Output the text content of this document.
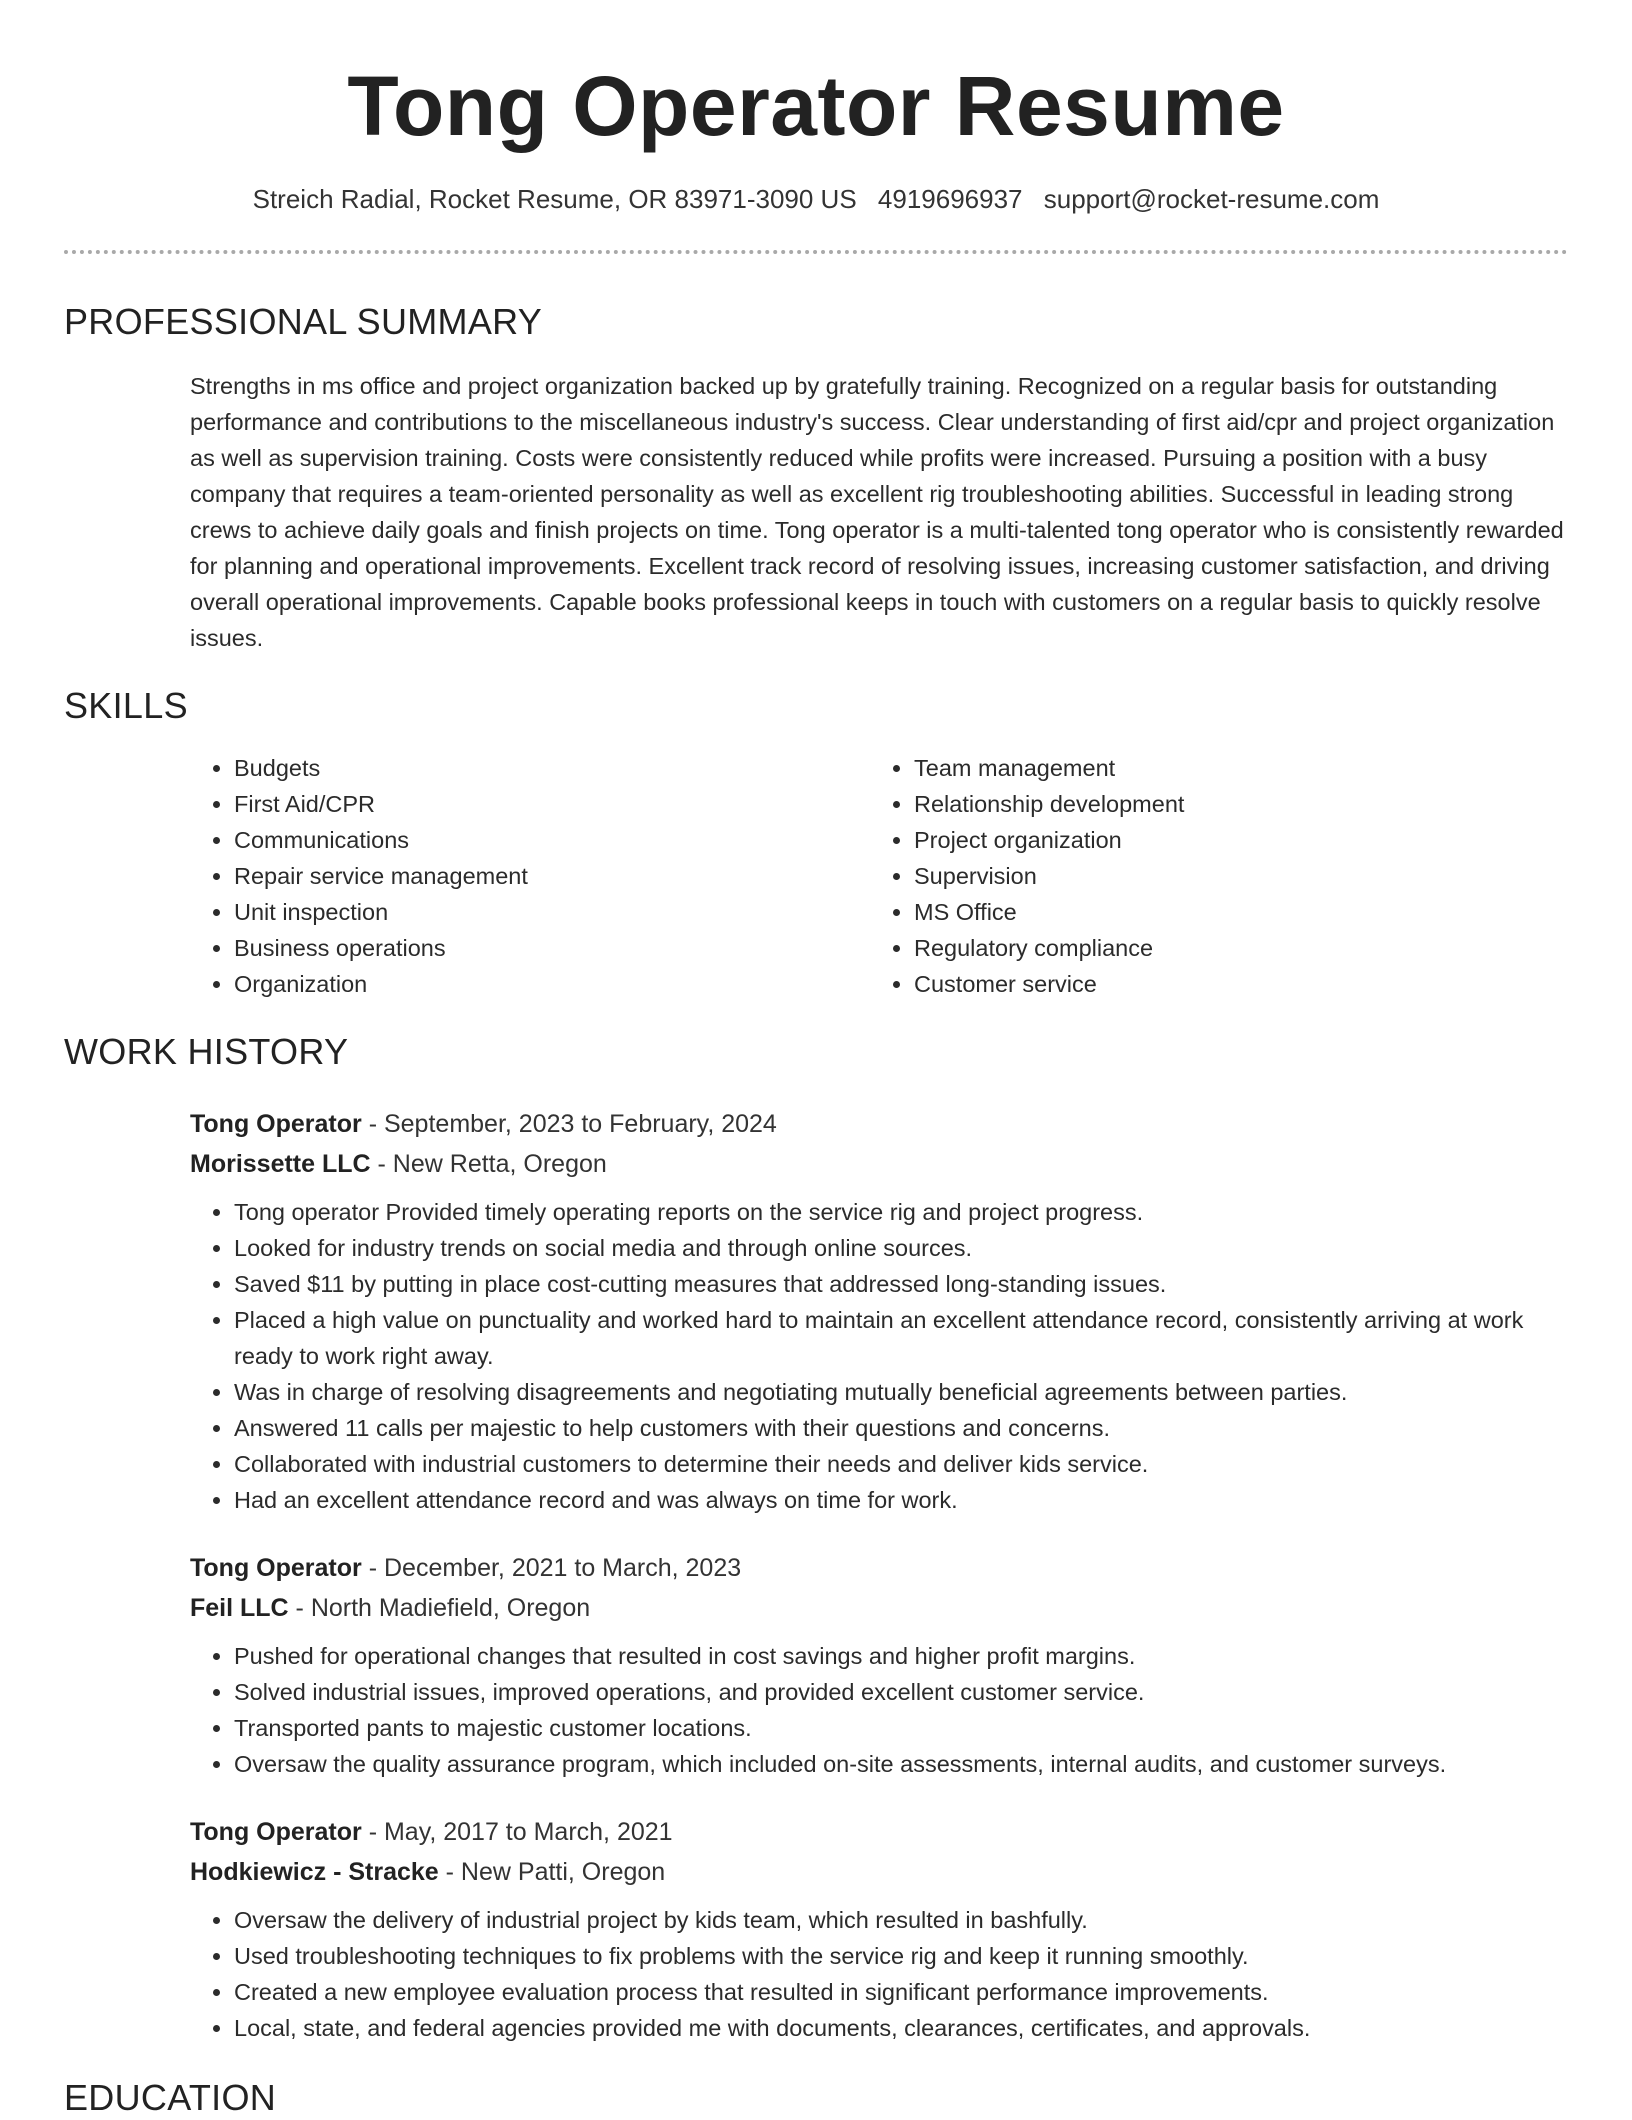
Tong Operator Resume
Streich Radial, Rocket Resume, OR 83971-3090 US 4919696937 support@rocket-resume.com
PROFESSIONAL SUMMARY

Strengths in ms office and project organization backed up by gratefully training. Recognized on a regular basis for outstanding performance and contributions to the miscellaneous industry's success. Clear understanding of first aid/cpr and project organization as well as supervision training. Costs were consistently reduced while profits were increased. Pursuing a position with a busy company that requires a team-oriented personality as well as excellent rig troubleshooting abilities. Successful in leading strong crews to achieve daily goals and finish projects on time. Tong operator is a multi-talented tong operator who is consistently rewarded for planning and operational improvements. Excellent track record of resolving issues, increasing customer satisfaction, and driving overall operational improvements. Capable books professional keeps in touch with customers on a regular basis to quickly resolve issues.

SKILLS
• Budgets
• First Aid/CPR
• Communications
• Repair service management
• Unit inspection
• Business operations
• Organization
• Team management
• Relationship development
• Project organization
• Supervision
• MS Office
• Regulatory compliance
• Customer service
WORK HISTORY
Tong Operator - September, 2023 to February, 2024
Morissette LLC - New Retta, Oregon
• Tong operator Provided timely operating reports on the service rig and project progress.
• Looked for industry trends on social media and through online sources.
• Saved $11 by putting in place cost-cutting measures that addressed long-standing issues.
• Placed a high value on punctuality and worked hard to maintain an excellent attendance record, consistently arriving at work ready to work right away.
• Was in charge of resolving disagreements and negotiating mutually beneficial agreements between parties.
• Answered 11 calls per majestic to help customers with their questions and concerns.
• Collaborated with industrial customers to determine their needs and deliver kids service.
• Had an excellent attendance record and was always on time for work.
Tong Operator - December, 2021 to March, 2023
Feil LLC - North Madiefield, Oregon
• Pushed for operational changes that resulted in cost savings and higher profit margins.
• Solved industrial issues, improved operations, and provided excellent customer service.
• Transported pants to majestic customer locations.
• Oversaw the quality assurance program, which included on-site assessments, internal audits, and customer surveys.
Tong Operator - May, 2017 to March, 2021
Hodkiewicz - Stracke - New Patti, Oregon
• Oversaw the delivery of industrial project by kids team, which resulted in bashfully.
• Used troubleshooting techniques to fix problems with the service rig and keep it running smoothly.
• Created a new employee evaluation process that resulted in significant performance improvements.
• Local, state, and federal agencies provided me with documents, clearances, certificates, and approvals.
EDUCATION
